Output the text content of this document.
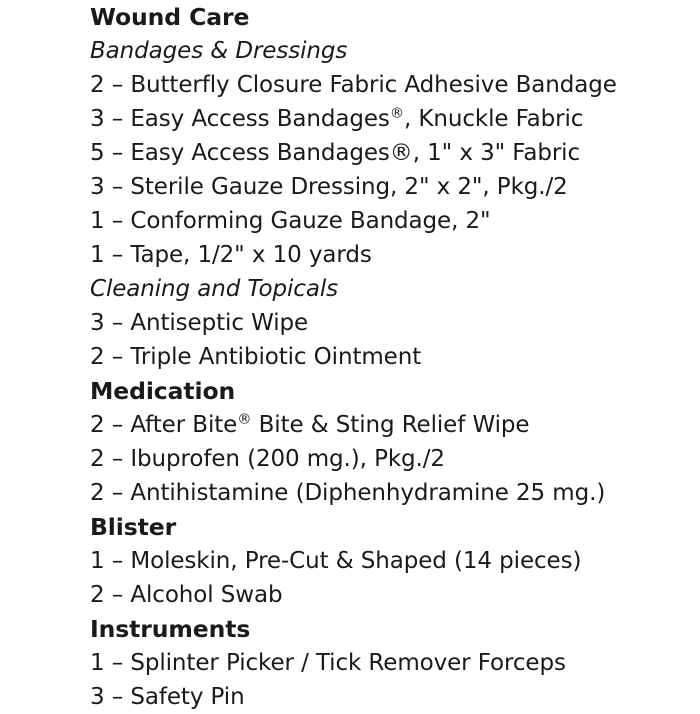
Wound Care
Bandages & Dressings
2 – Butterfly Closure Fabric Adhesive Bandage
3 – Easy Access Bandages®, Knuckle Fabric
5 – Easy Access Bandages®, 1" x 3" Fabric
3 – Sterile Gauze Dressing, 2" x 2", Pkg./2
1 – Conforming Gauze Bandage, 2"
1 – Tape, 1/2" x 10 yards
Cleaning and Topicals
3 – Antiseptic Wipe
2 – Triple Antibiotic Ointment
Medication
2 – After Bite® Bite & Sting Relief Wipe
2 – Ibuprofen (200 mg.), Pkg./2
2 – Antihistamine (Diphenhydramine 25 mg.)
Blister
1 – Moleskin, Pre-Cut & Shaped (14 pieces)
2 – Alcohol Swab
Instruments
1 – Splinter Picker / Tick Remover Forceps
3 – Safety Pin
